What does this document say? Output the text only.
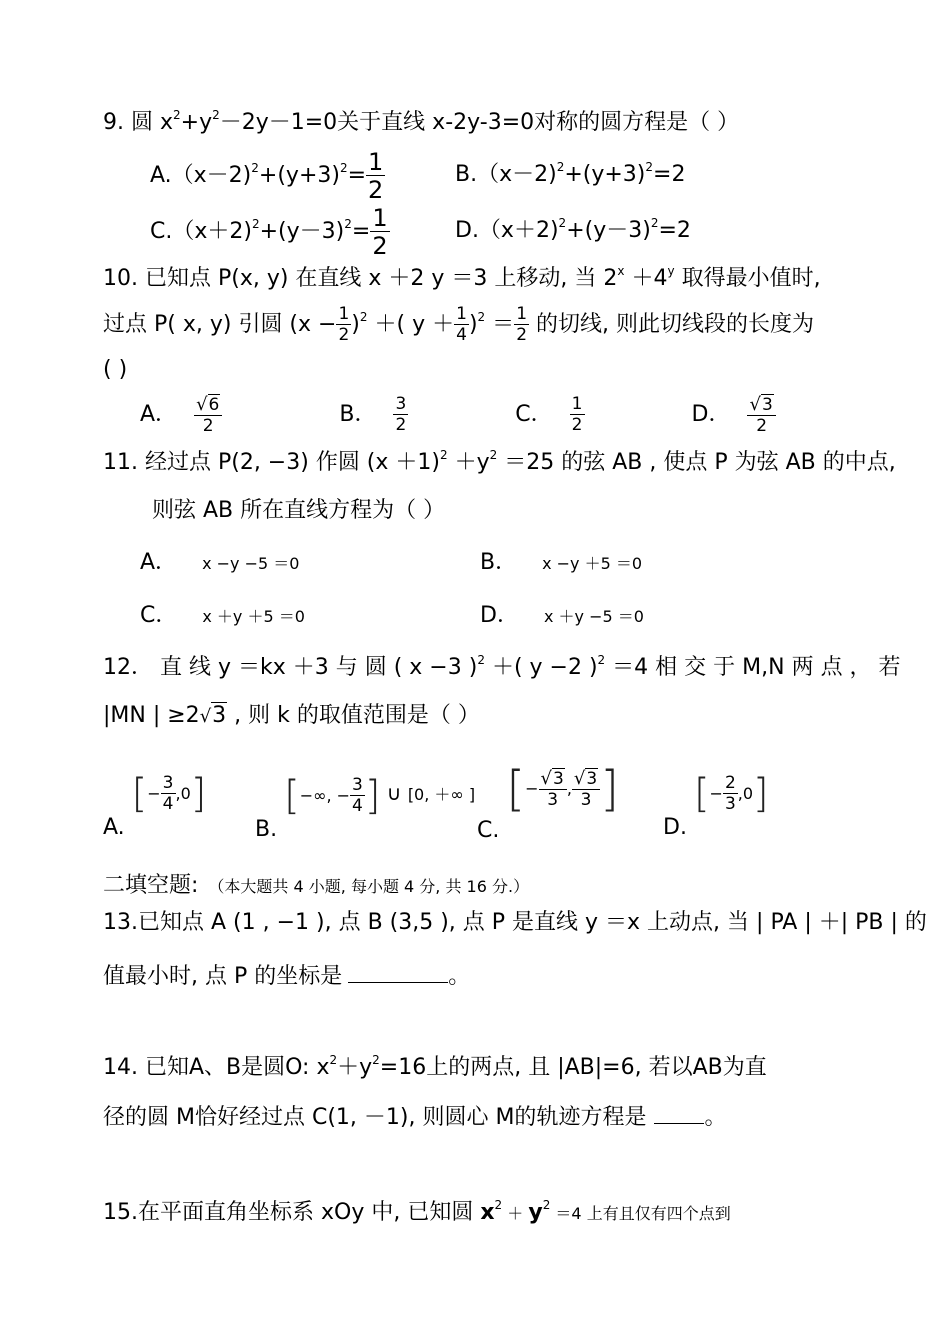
9. 圆 $x^2+y^2-2y-1=0$关于直线 x-2y-3=0对称的圆方程是（ ）
$A.(x-2)^2+(y+3)^2= \frac{1}{2}$	$B.(x-2)^2+(y+3)^2=2$
$C.(x+2)^2+(y-3)^2= \frac{1}{2}$	$D.(x+2)^2+(y-3)^2=2$
10. 已知点 P(x, y) 在直线 x ＋2 y ＝3 上移动, 当 $2^x +4^y$ 取得最小值时,
过点 P( x, y) 引圆 $(x - \frac{1}{2} )^2$ ＋( $y + \frac{1}{4} )^2 = \frac{1}{2}$ 的切线, 则此切线段的长度为
( )
A． $\frac{√6}{2}$	B． $\frac{3}{2}$	C． $\frac{1}{2}$	D． $\frac{√3}{2}$
11. 经过点 P(2, −3) 作圆 $(x +1)^2 +y^2 =25$ 的弦 AB , 使点 P 为弦 AB 的中点,
则弦 AB 所在直线方程为（ ）
A． x −y −5 ＝0	B． x −y ＋5 ＝0
C． x ＋y ＋5 ＝0	D． x ＋y −5 ＝0
12． 直 线 y ＝kx ＋3 与 圆 ( x −3 )$^2$ ＋( y −2 )$^2$ ＝4 相 交 于 M,N 两 点 ， 若
|MN | ≥2√3 , 则 k 的取值范围是（ ）
A. [− $\frac{3}{4} ,0$]
B. [−∞, − $\frac{3}{4}$ ] ∪ [0, ＋∞ ]
C. [− $\frac{√3}{3}$ , $\frac{√3}{3}$ ]
D. [− $\frac{2}{3} ,0$]
二填空题: （本大题共 4 小题, 每小题 4 分, 共 16 分.）
13.已知点 A (1 , −1 ), 点 B (3,5 ), 点 P 是直线 y ＝x 上动点, 当 | PA | ＋| PB | 的
值最小时, 点 P 的坐标是	。
14. 已知A、B是圆O: $x^2+y^2=16$上的两点, 且 |AB|=6, 若以AB为直
径的圆 M恰好经过点 C(1, －1), 则圆心 M的轨迹方程是	。
15.在平面直角坐标系 xOy 中, 已知圆 $x^2 + y^2 =4$ 上有且仅有四个点到
